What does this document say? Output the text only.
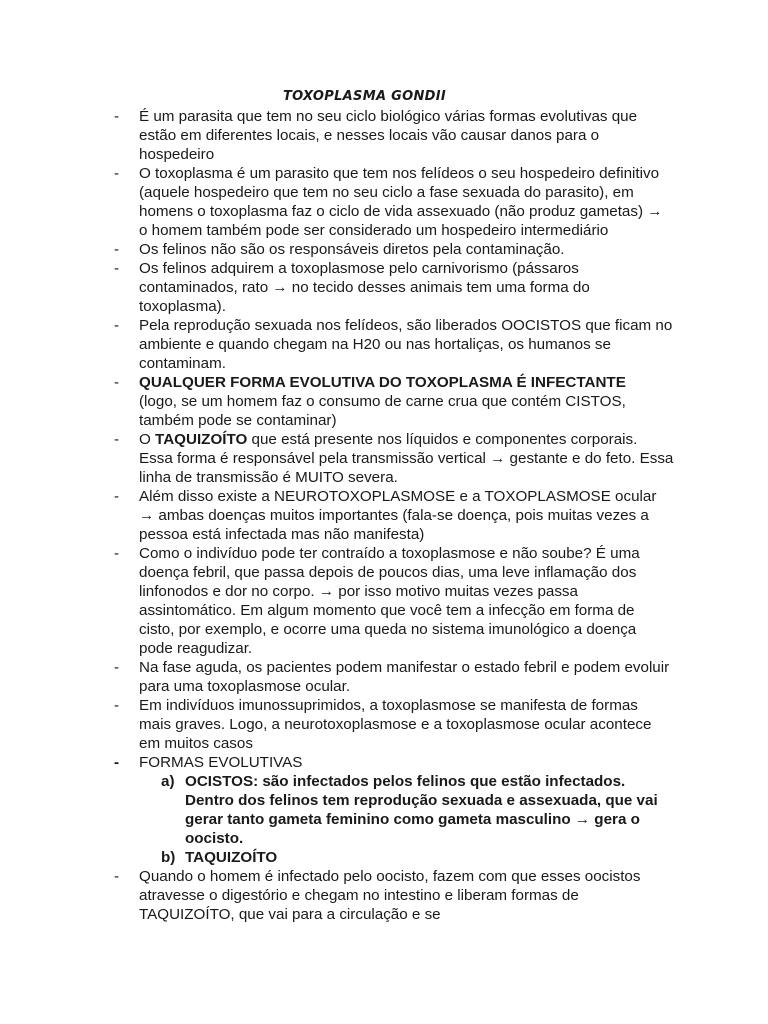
TOXOPLASMA GONDII
- É um parasita que tem no seu ciclo biológico várias formas evolutivas que estão em diferentes locais, e nesses locais vão causar danos para o hospedeiro
- O toxoplasma é um parasito que tem nos felídeos o seu hospedeiro definitivo (aquele hospedeiro que tem no seu ciclo a fase sexuada do parasito), em homens o toxoplasma faz o ciclo de vida assexuado (não produz gametas) → o homem também pode ser considerado um hospedeiro intermediário
- Os felinos não são os responsáveis diretos pela contaminação.
- Os felinos adquirem a toxoplasmose pelo carnivorismo (pássaros contaminados, rato → no tecido desses animais tem uma forma do toxoplasma).
- Pela reprodução sexuada nos felídeos, são liberados OOCISTOS que ficam no ambiente e quando chegam na H20 ou nas hortaliças, os humanos se contaminam.
- QUALQUER FORMA EVOLUTIVA DO TOXOPLASMA É INFECTANTE
(logo, se um homem faz o consumo de carne crua que contém CISTOS, também pode se contaminar)
- O TAQUIZOÍTO que está presente nos líquidos e componentes corporais. Essa forma é responsável pela transmissão vertical → gestante e do feto. Essa linha de transmissão é MUITO severa.
- Além disso existe a NEUROTOXOPLASMOSE e a TOXOPLASMOSE ocular → ambas doenças muitos importantes (fala-se doença, pois muitas vezes a pessoa está infectada mas não manifesta)
- Como o indivíduo pode ter contraído a toxoplasmose e não soube? É uma doença febril, que passa depois de poucos dias, uma leve inflamação dos linfonodos e dor no corpo. → por isso motivo muitas vezes passa assintomático. Em algum momento que você tem a infecção em forma de cisto, por exemplo, e ocorre uma queda no sistema imunológico a doença pode reagudizar.
- Na fase aguda, os pacientes podem manifestar o estado febril e podem evoluir para uma toxoplasmose ocular.
- Em indivíduos imunossuprimidos, a toxoplasmose se manifesta de formas mais graves. Logo, a neurotoxoplasmose e a toxoplasmose ocular acontece em muitos casos
- FORMAS EVOLUTIVAS
a) OCISTOS: são infectados pelos felinos que estão infectados. Dentro dos felinos tem reprodução sexuada e assexuada, que vai gerar tanto gameta feminino como gameta masculino → gera o oocisto.
b) TAQUIZOÍTO
- Quando o homem é infectado pelo oocisto, fazem com que esses oocistos atravesse o digestório e chegam no intestino e liberam formas de TAQUIZOÍTO, que vai para a circulação e se
